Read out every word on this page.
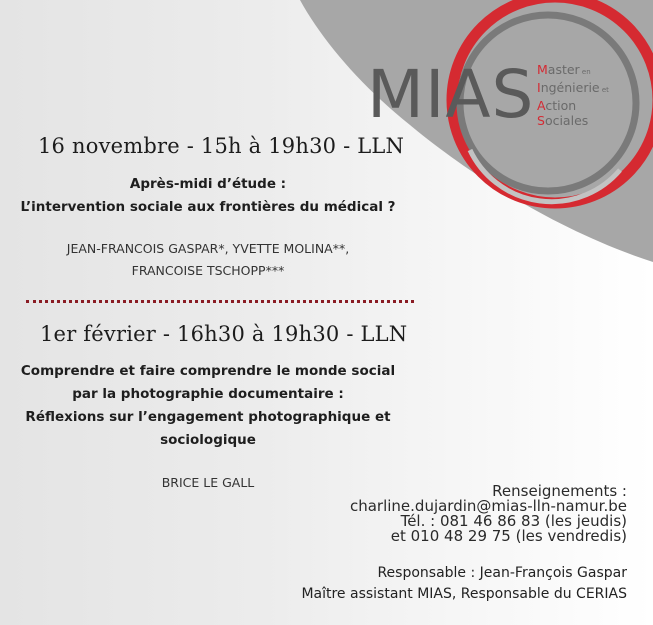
MIAS Master en
Ingénierie et
Action
Sociales
16 novembre - 15h à 19h30 - LLN
Après-midi d’étude :
L’intervention sociale aux frontières du médical ?
JEAN-FRANCOIS GASPAR*, YVETTE MOLINA**,
FRANCOISE TSCHOPP***
1er février - 16h30 à 19h30 - LLN
Comprendre et faire comprendre le monde social
par la photographie documentaire :
Réflexions sur l’engagement photographique et
sociologique
BRICE LE GALL	Renseignements :
charline.dujardin@mias-lln-namur.be
Tél. : 081 46 86 83 (les jeudis)
et 010 48 29 75 (les vendredis)
Responsable : Jean-François Gaspar
Maître assistant MIAS, Responsable du CERIAS
